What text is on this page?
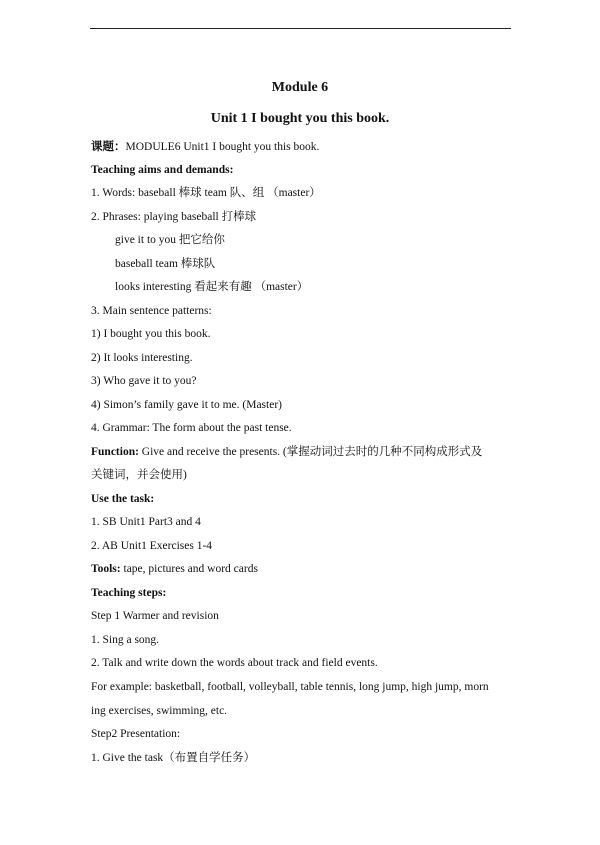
Module 6
Unit 1 I bought you this book.
课题：MODULE6 Unit1 I bought you this book.
Teaching aims and demands:
1. Words: baseball 棒球 team 队、组 （master）
2. Phrases: playing baseball 打棒球
give it to you 把它给你
baseball team 棒球队
looks interesting 看起来有趣 （master）
3. Main sentence patterns:
1) I bought you this book.
2) It looks interesting.
3) Who gave it to you?
4) Simon’s family gave it to me. (Master)
4. Grammar: The form about the past tense.
Function: Give and receive the presents. (掌握动词过去时的几种不同构成形式及
关键词，并会使用)
Use the task:
1. SB Unit1 Part3 and 4
2. AB Unit1 Exercises 1-4
Tools: tape, pictures and word cards
Teaching steps:
Step 1 Warmer and revision
1. Sing a song.
2. Talk and write down the words about track and field events.
For example: basketball, football, volleyball, table tennis, long jump, high jump, morn
ing exercises, swimming, etc.
Step2 Presentation:
1. Give the task（布置自学任务）
